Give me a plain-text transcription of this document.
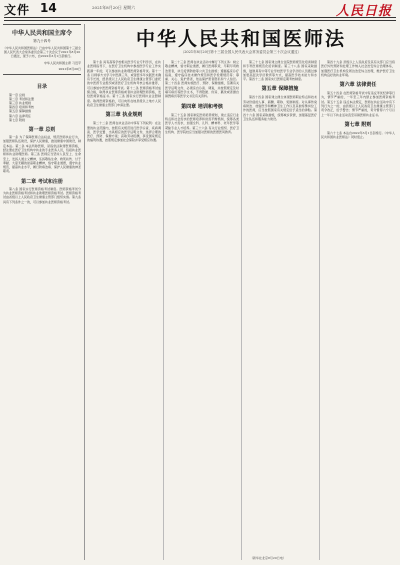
文件 14	2021年8月20日 星期六	人民日报
中华人民共和国主席令
第九十四号
《中华人民共和国医师法》已由中华人民共和国第十三届全国人民代表大会常务委员会第三十次会议于2021年8月20日通过，现予公布，自2022年3月1日起施行。
中华人民共和国主席 习近平
2021年8月20日
目录
第一章 总则
第二章 考试和注册
第三章 执业规则
第四章 培训和考核
第五章 保障措施
第六章 法律责任
第七章 附则
第一章 总则

第一条 为了保障医师合法权益，规范医师执业行为，加强医师队伍建设，保护人民健康，推进健康中国建设，制定本法。第二条 本法所称医师，是指依法取得医师资格，经注册在医疗卫生机构中执业的专业医务人员，包括执业医师和执业助理医师。第三条 医师应当坚持人民至上、生命至上，发扬人道主义精神，弘扬敬佑生命、救死扶伤、甘于奉献、大爱无疆的崇高职业精神，恪守职业道德，遵守执业规范，提高执业水平，履行防病治病、保护人民健康的神圣职责。

第二章 考试和注册

第八条 国家实行医师资格考试制度。医师资格考试分为执业医师资格考试和执业助理医师资格考试。医师资格考试由省级以上人民政府卫生健康主管部门组织实施。第九条 具有下列条件之一的，可以参加执业医师资格考试。

中华人民共和国医师法
（2021年8月20日第十三届全国人民代表大会常务委员会第三十次会议通过）

第十条 具有高等学校相关医学专业专科学历，在执业医师指导下，在医疗卫生机构中参加医学专业工作实践满一年的，可以参加执业助理医师资格考试。第十一条 以师承方式学习中医满三年，或者经多年实践医术确有专长的，经县级以上人民政府卫生健康主管部门委托的中医药专业组织或者医疗卫生机构考核合格并推荐，可以参加中医医师资格考试。第十二条 医师资格考试成绩合格，取得执业医师资格或者执业助理医师资格，发给医师资格证书。第十三条 国家实行医师执业注册制度。取得医师资格的，可以向所在地县级以上地方人民政府卫生健康主管部门申请注册。

第三章 执业规则

第二十二条 医师在执业活动中享有下列权利：在注册的执业范围内，按照有关规范进行医学诊查、疾病调查、医学处置、出具相应的医学证明文件，选择合理的医疗、预防、保健方案；获取劳动报酬，享受国家规定的福利待遇，按照规定参加社会保险并享受相应待遇。

第二十三条 医师在执业活动中履行下列义务：树立敬业精神，恪守职业道德，履行医师职责，尽职尽责救治患者，执行疫情防控等公共卫生措施；遵循临床诊疗指南，遵守临床技术操作规范和医学伦理规范等；尊重、关心、爱护患者，依法保护患者隐私和个人信息。第二十四条 医师实施医疗、预防、保健措施，签署有关医学证明文件，必须亲自诊查、调查，并按照规定及时填写病历等医学文书，不得隐匿、伪造、篡改或者擅自销毁病历等医学文书及有关资料。

第四章 培训和考核

第三十五条 国家制定医师培养规划，建立适应行业特点和社会需求的医师培养和供需平衡机制，统筹各类医学人才需求，加强全科、儿科、精神科、老年医学等紧缺专业人才培养。第三十六条 有关行业组织、医疗卫生机构、医学院校应当加强对医师的医德医风教育。

第三十七条 国家建立健全住院医师规范化培训制度和专科医师规范化培训制度。第三十八条 国家采取措施，鼓励具有中等专业学校医学专业学历的人员通过参加更高层次学历教育等方式，提高医学技术能力和水平。第四十二条 国家实行医师定期考核制度。

第五章 保障措施

第四十四条 国家建立健全体现医师职业特点和技术劳动价值的人事、薪酬、职称、奖励制度。对从事传染病防治、放射医学和精神卫生工作以及其他特殊岗位工作的医师，应当按照国家有关规定给予适当的津贴。第四十六条 国家采取措施，统筹城乡资源，加强基层医疗卫生队伍和服务能力建设。

第四十九条 县级以上人民政府及其有关部门应当将医疗纠纷预防和处理工作纳入社会治安综合治理体系，加强医疗卫生机构及周边治安综合治理，维护医疗卫生机构良好的执业环境。

第六章 法律责任

第五十四条 在医师资格考试中有违反考试纪律等行为，情节严重的，一年至三年内禁止参加医师资格考试。第五十五条 违反本法规定，医师在执业活动中有下列行为之一的，由县级以上人民政府卫生健康主管部门责令改正，给予警告；情节严重的，责令暂停六个月以上一年以下执业活动直至吊销医师执业证书。

第七章 附则

第六十七条 本法自2022年3月1日起施行。《中华人民共和国执业医师法》同时废止。

（新华社北京8月20日电）
